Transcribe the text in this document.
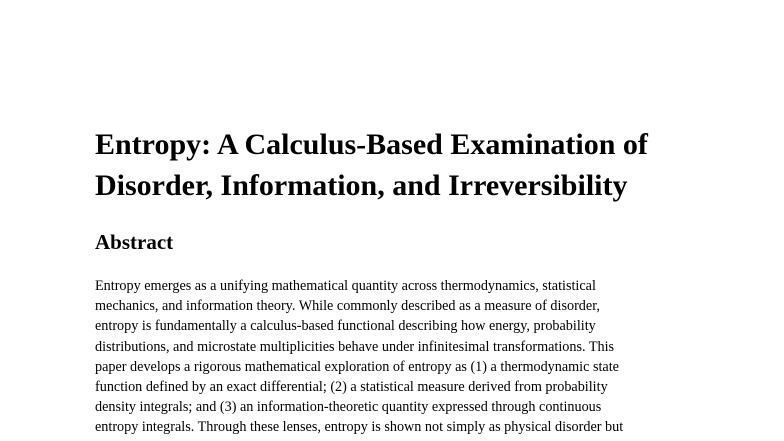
Entropy: A Calculus-Based Examination of
Disorder, Information, and Irreversibility
Abstract

Entropy emerges as a unifying mathematical quantity across thermodynamics, statistical
mechanics, and information theory. While commonly described as a measure of disorder,
entropy is fundamentally a calculus-based functional describing how energy, probability
distributions, and microstate multiplicities behave under infinitesimal transformations. This
paper develops a rigorous mathematical exploration of entropy as (1) a thermodynamic state
function defined by an exact differential; (2) a statistical measure derived from probability
density integrals; and (3) an information-theoretic quantity expressed through continuous
entropy integrals. Through these lenses, entropy is shown not simply as physical disorder but
